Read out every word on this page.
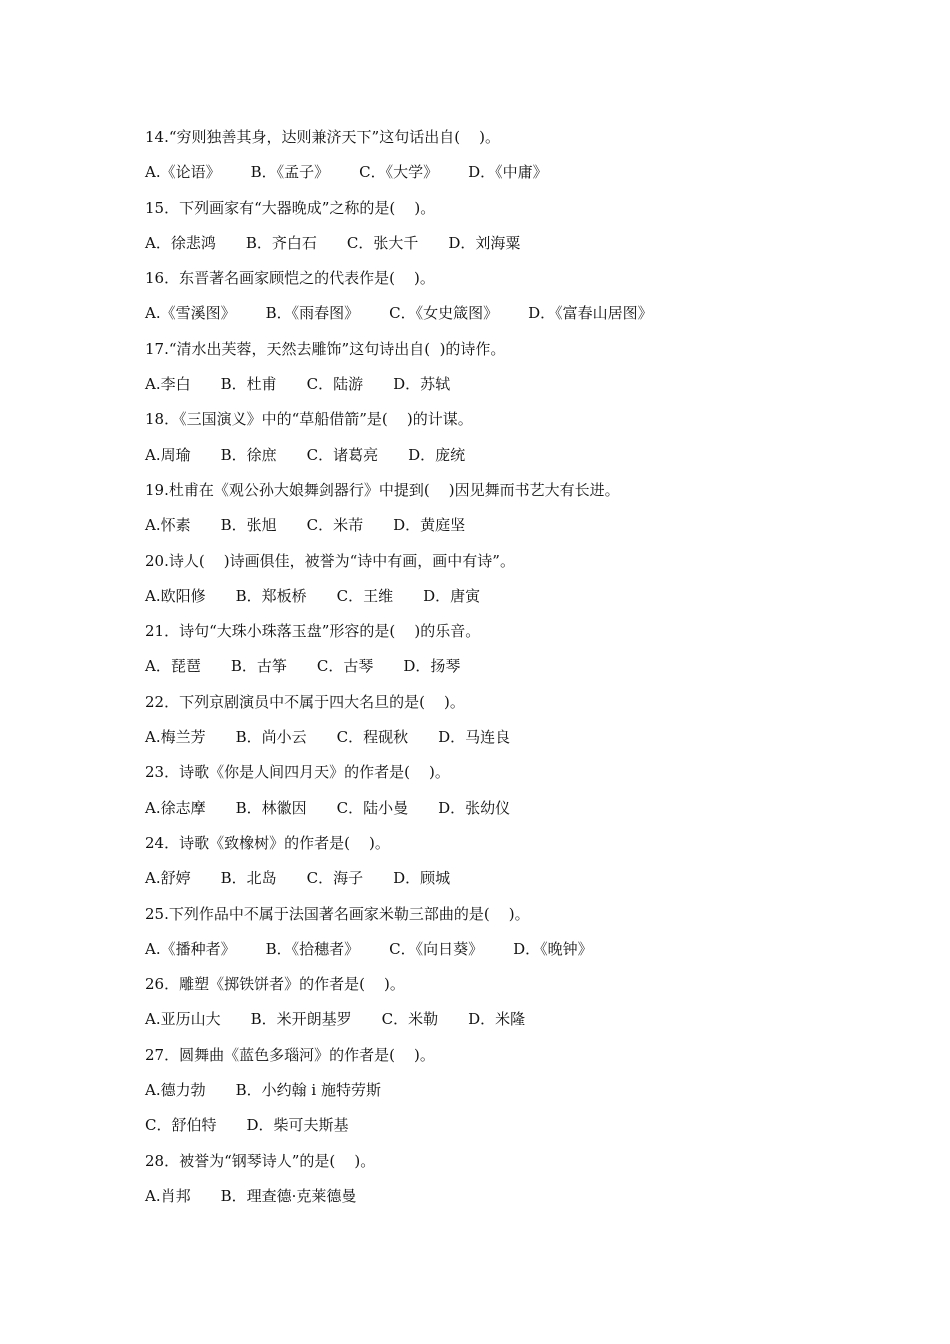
14.“穷则独善其身，达则兼济天下”这句话出自(    )。
A.《论语》 B．《孟子》 C．《大学》 D．《中庸》
15．下列画家有“大器晚成”之称的是(    )。
A．徐悲鸿 B．齐白石 C．张大千 D．刘海粟
16．东晋著名画家顾恺之的代表作是(    )。
A.《雪溪图》 B．《雨春图》 C．《女史箴图》 D．《富春山居图》
17.“清水出芙蓉，天然去雕饰”这句诗出自(  )的诗作。
A.李白 B．杜甫 C．陆游 D．苏轼
18．《三国演义》中的“草船借箭”是(    )的计谋。
A.周瑜 B．徐庶 C．诸葛亮 D．庞统
19.杜甫在《观公孙大娘舞剑器行》中提到(    )因见舞而书艺大有长进。
A.怀素 B．张旭 C．米芾 D．黄庭坚
20.诗人(    )诗画俱佳，被誉为“诗中有画，画中有诗”。
A.欧阳修 B．郑板桥 C．王维 D．唐寅
21．诗句“大珠小珠落玉盘”形容的是(    )的乐音。
A．琵琶 B．古筝 C．古琴 D．扬琴
22．下列京剧演员中不属于四大名旦的是(    )。
A.梅兰芳 B．尚小云 C．程砚秋 D．马连良
23．诗歌《你是人间四月天》的作者是(    )。
A.徐志摩 B．林徽因 C．陆小曼 D．张幼仪
24．诗歌《致橡树》的作者是(    )。
A.舒婷 B．北岛 C．海子 D．顾城
25.下列作品中不属于法国著名画家米勒三部曲的是(    )。
A.《播种者》 B．《拾穗者》 C．《向日葵》 D．《晚钟》
26．雕塑《掷铁饼者》的作者是(    )。
A.亚历山大 B．米开朗基罗 C．米勒 D．米隆
27．圆舞曲《蓝色多瑙河》的作者是(    )。
A.德力勃 B．小约翰 i 施特劳斯
C．舒伯特 D．柴可夫斯基
28．被誉为“钢琴诗人”的是(    )。
A.肖邦 B．理查德·克莱德曼
